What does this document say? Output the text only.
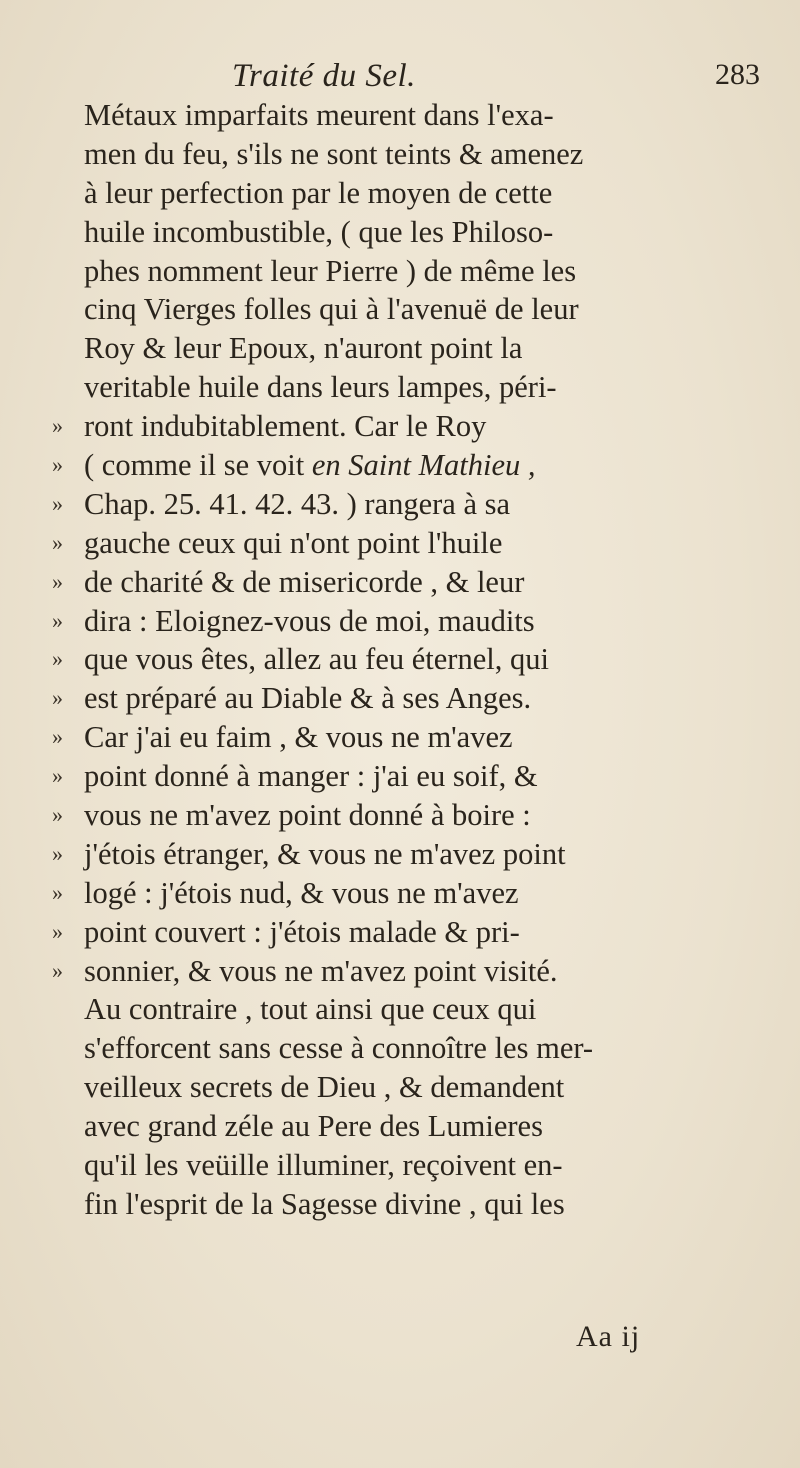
Traité du Sel.	283
Métaux imparfaits meurent dans l'exa-
men du feu, s'ils ne sont teints & amenez
à leur perfection par le moyen de cette
huile incombustible, ( que les Philoso-
phes nomment leur Pierre ) de même les
cinq Vierges folles qui à l'avenuë de leur
Roy & leur Epoux, n'auront point la
veritable huile dans leurs lampes, péri-
» ront indubitablement. Car le Roy
» ( comme il se voit en Saint Mathieu ,
» Chap. 25. 41. 42. 43. ) rangera à sa
» gauche ceux qui n'ont point l'huile
» de charité & de misericorde , & leur
» dira : Eloignez-vous de moi, maudits
» que vous êtes, allez au feu éternel, qui
» est préparé au Diable & à ses Anges.
» Car j'ai eu faim , & vous ne m'avez
» point donné à manger : j'ai eu soif, &
» vous ne m'avez point donné à boire :
» j'étois étranger, & vous ne m'avez point
» logé : j'étois nud, & vous ne m'avez
» point couvert : j'étois malade & pri-
» sonnier, & vous ne m'avez point visité.
Au contraire , tout ainsi que ceux qui
s'efforcent sans cesse à connoître les mer-
veilleux secrets de Dieu , & demandent
avec grand zéle au Pere des Lumieres
qu'il les veüille illuminer, reçoivent en-
fin l'esprit de la Sagesse divine , qui les
Aa ij
